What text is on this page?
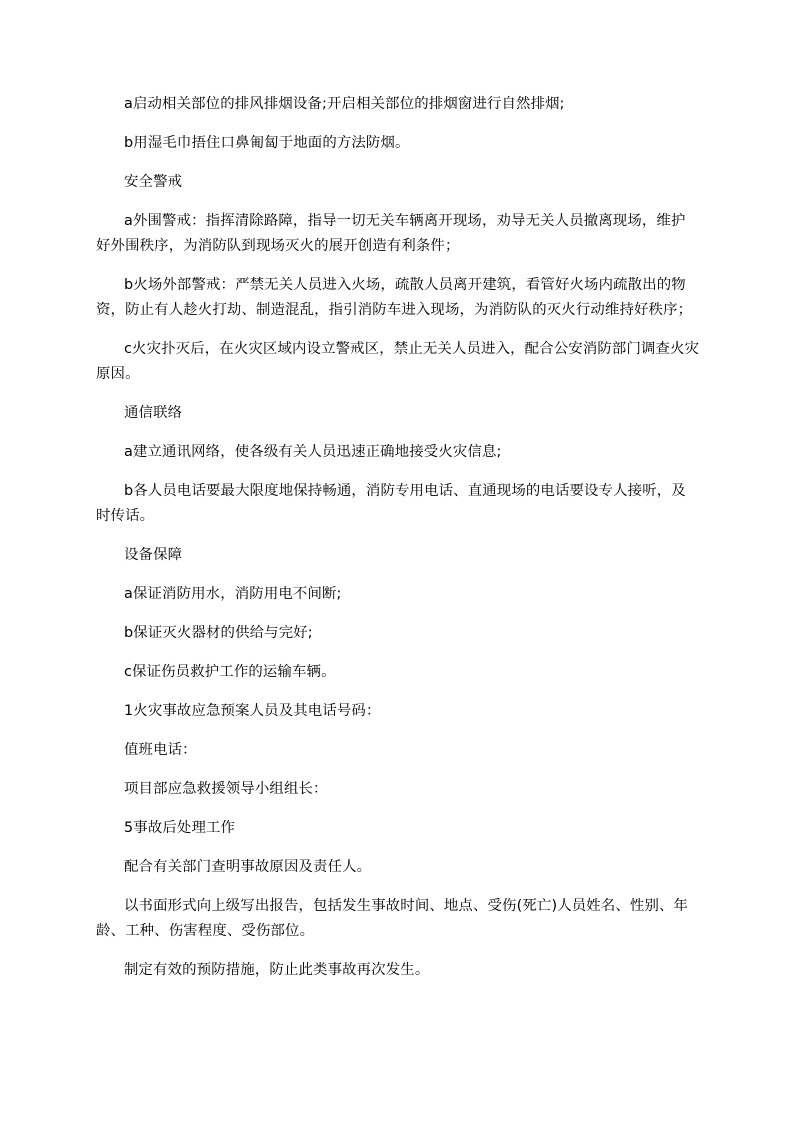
a启动相关部位的排风排烟设备;开启相关部位的排烟窗进行自然排烟;

b用湿毛巾捂住口鼻匍匐于地面的方法防烟。

安全警戒

a外围警戒：指挥清除路障，指导一切无关车辆离开现场，劝导无关人员撤离现场，维护好外围秩序，为消防队到现场灭火的展开创造有利条件；

b火场外部警戒：严禁无关人员进入火场，疏散人员离开建筑，看管好火场内疏散出的物资，防止有人趁火打劫、制造混乱，指引消防车进入现场，为消防队的灭火行动维持好秩序；

c火灾扑灭后，在火灾区域内设立警戒区，禁止无关人员进入，配合公安消防部门调查火灾原因。

通信联络

a建立通讯网络，使各级有关人员迅速正确地接受火灾信息;

b各人员电话要最大限度地保持畅通，消防专用电话、直通现场的电话要设专人接听，及时传话。

设备保障

a保证消防用水，消防用电不间断;

b保证灭火器材的供给与完好;

c保证伤员救护工作的运输车辆。

1火灾事故应急预案人员及其电话号码：

值班电话：

项目部应急救援领导小组组长：

5事故后处理工作

配合有关部门查明事故原因及责任人。

以书面形式向上级写出报告，包括发生事故时间、地点、受伤(死亡)人员姓名、性别、年龄、工种、伤害程度、受伤部位。

制定有效的预防措施，防止此类事故再次发生。
